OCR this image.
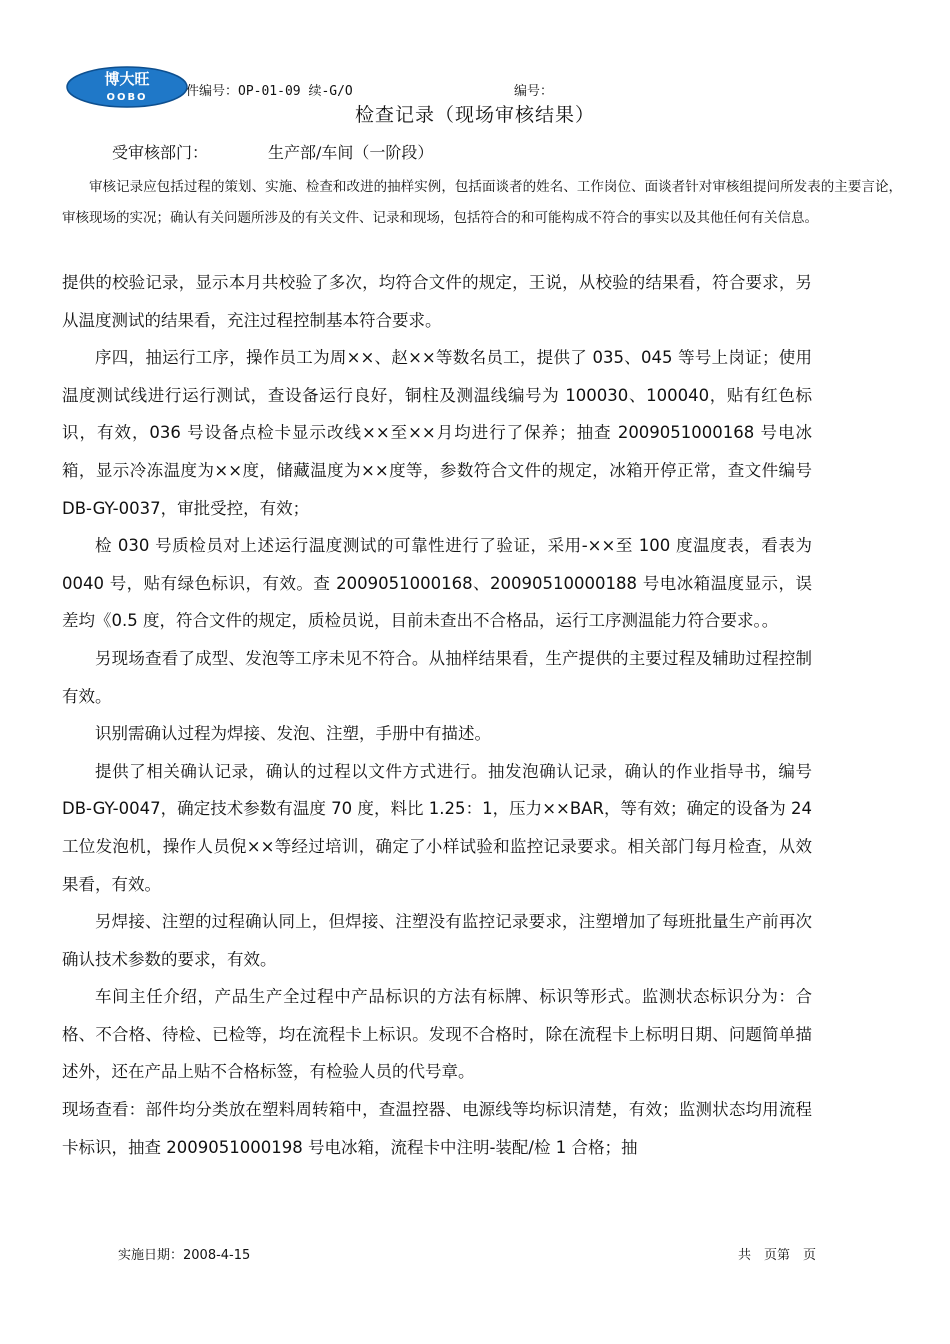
博大旺
OOBO	件编号：OP-01-09 续-G/O	编号：
检查记录（现场审核结果）
受审核部门：	生产部/车间（一阶段）

审核记录应包括过程的策划、实施、检查和改进的抽样实例，包括面谈者的姓名、工作岗位、面谈者针对审核组提问所发表的主要言论，审核现场的实况；确认有关问题所涉及的有关文件、记录和现场，包括符合的和可能构成不符合的事实以及其他任何有关信息。

提供的校验记录，显示本月共校验了多次，均符合文件的规定，王说，从校验的结果看，符合要求，另从温度测试的结果看，充注过程控制基本符合要求。

序四，抽运行工序，操作员工为周××、赵××等数名员工，提供了 035、045 等号上岗证；使用温度测试线进行运行测试，查设备运行良好，铜柱及测温线编号为 100030、100040，贴有红色标识，有效，036 号设备点检卡显示改线××至××月均进行了保养；抽查 2009051000168 号电冰箱，显示冷冻温度为××度，储藏温度为××度等，参数符合文件的规定，冰箱开停正常，查文件编号 DB-GY-0037，审批受控，有效；

检 030 号质检员对上述运行温度测试的可靠性进行了验证，采用-××至 100 度温度表，看表为 0040 号，贴有绿色标识，有效。查 2009051000168、20090510000188 号电冰箱温度显示，误差均《0.5 度，符合文件的规定，质检员说，目前未查出不合格品，运行工序测温能力符合要求。。

另现场查看了成型、发泡等工序未见不符合。从抽样结果看，生产提供的主要过程及辅助过程控制有效。

识别需确认过程为焊接、发泡、注塑，手册中有描述。

提供了相关确认记录，确认的过程以文件方式进行。抽发泡确认记录，确认的作业指导书，编号 DB-GY-0047，确定技术参数有温度 70 度，料比 1.25：1，压力××BAR，等有效；确定的设备为 24 工位发泡机，操作人员倪××等经过培训，确定了小样试验和监控记录要求。相关部门每月检查，从效果看，有效。

另焊接、注塑的过程确认同上，但焊接、注塑没有监控记录要求，注塑增加了每班批量生产前再次确认技术参数的要求，有效。

车间主任介绍，产品生产全过程中产品标识的方法有标牌、标识等形式。监测状态标识分为：合格、不合格、待检、已检等，均在流程卡上标识。发现不合格时，除在流程卡上标明日期、问题简单描述外，还在产品上贴不合格标签，有检验人员的代号章。

现场查看：部件均分类放在塑料周转箱中，查温控器、电源线等均标识清楚，有效；监测状态均用流程卡标识，抽查 2009051000198 号电冰箱，流程卡中注明-装配/检 1 合格；抽

实施日期：2008-4-15	共　页第　页
